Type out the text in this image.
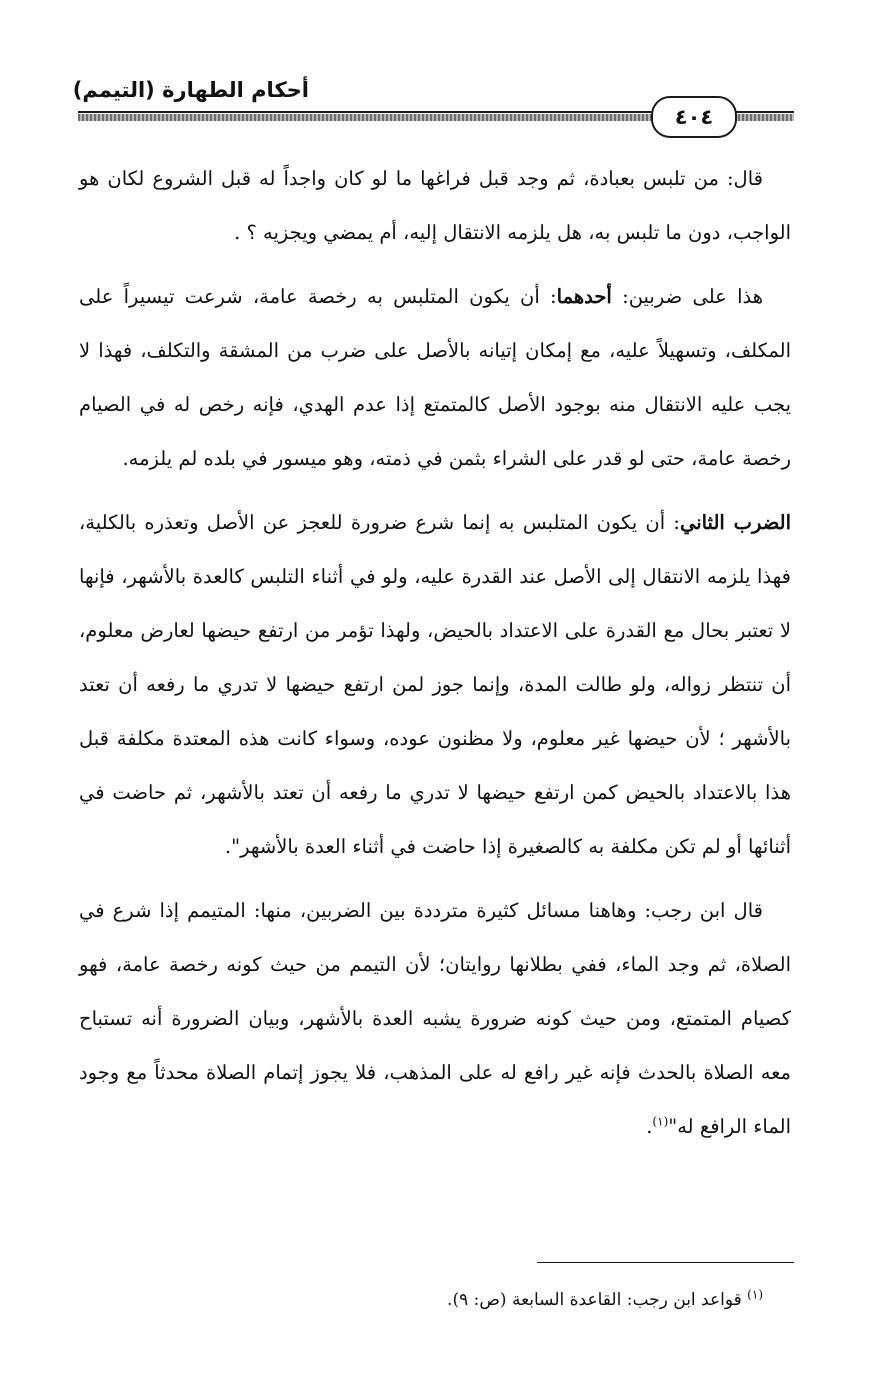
أحكام الطهارة (التيمم)
٤٠٤

قال: من تلبس بعبادة، ثم وجد قبل فراغها ما لو كان واجداً له قبل الشروع لكان هو الواجب، دون ما تلبس به، هل يلزمه الانتقال إليه، أم يمضي ويجزيه ؟ .

هذا على ضربين: أحدهما: أن يكون المتلبس به رخصة عامة، شرعت تيسيراً على المكلف، وتسهيلاً عليه، مع إمكان إتيانه بالأصل على ضرب من المشقة والتكلف، فهذا لا يجب عليه الانتقال منه بوجود الأصل كالمتمتع إذا عدم الهدي، فإنه رخص له في الصيام رخصة عامة، حتى لو قدر على الشراء بثمن في ذمته، وهو ميسور في بلده لم يلزمه.

الضرب الثاني: أن يكون المتلبس به إنما شرع ضرورة للعجز عن الأصل وتعذره بالكلية، فهذا يلزمه الانتقال إلى الأصل عند القدرة عليه، ولو في أثناء التلبس كالعدة بالأشهر، فإنها لا تعتبر بحال مع القدرة على الاعتداد بالحيض، ولهذا تؤمر من ارتفع حيضها لعارض معلوم، أن تنتظر زواله، ولو طالت المدة، وإنما جوز لمن ارتفع حيضها لا تدري ما رفعه أن تعتد بالأشهر ؛ لأن حيضها غير معلوم، ولا مظنون عوده، وسواء كانت هذه المعتدة مكلفة قبل هذا بالاعتداد بالحيض كمن ارتفع حيضها لا تدري ما رفعه أن تعتد بالأشهر، ثم حاضت في أثنائها أو لم تكن مكلفة به كالصغيرة إذا حاضت في أثناء العدة بالأشهر".

قال ابن رجب: وهاهنا مسائل كثيرة مترددة بين الضربين، منها: المتيمم إذا شرع في الصلاة، ثم وجد الماء، ففي بطلانها روايتان؛ لأن التيمم من حيث كونه رخصة عامة، فهو كصيام المتمتع، ومن حيث كونه ضرورة يشبه العدة بالأشهر، وبيان الضرورة أنه تستباح معه الصلاة بالحدث فإنه غير رافع له على المذهب، فلا يجوز إتمام الصلاة محدثاً مع وجود الماء الرافع له"$^{(١)}$.

$^{(١)}$ قواعد ابن رجب: القاعدة السابعة (ص: ٩).
